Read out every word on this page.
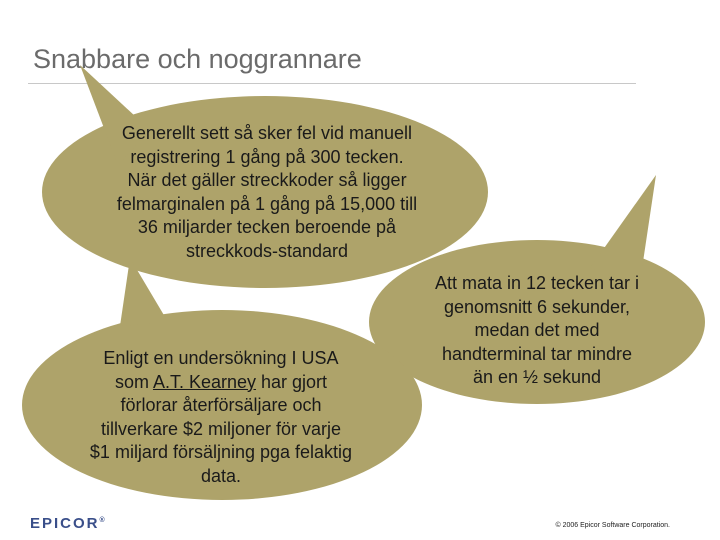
Snabbare och noggrannare
Generellt sett så sker fel vid manuell
registrering 1 gång på 300 tecken.
När det gäller streckkoder så ligger
felmarginalen på 1 gång på 15,000 till
36 miljarder tecken beroende på
streckkods-standard
Att mata in 12 tecken tar i
genomsnitt 6 sekunder,
medan det med
handterminal tar mindre
än en ½ sekund
Enligt en undersökning I USA
som A.T. Kearney har gjort
förlorar återförsäljare och
tillverkare $2 miljoner för varje
$1 miljard försäljning pga felaktig
data.
EPICOR®
© 2006 Epicor Software Corporation.
